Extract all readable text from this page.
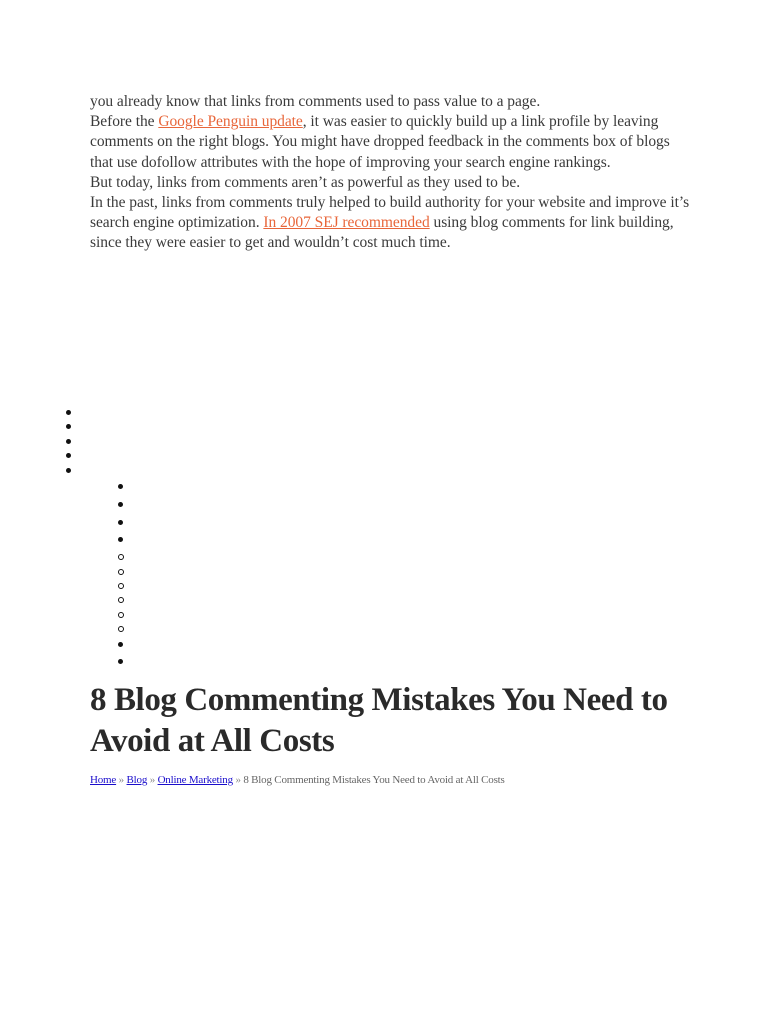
you already know that links from comments used to pass value to a page.

Before the Google Penguin update, it was easier to quickly build up a link profile by leaving comments on the right blogs. You might have dropped feedback in the comments box of blogs that use dofollow attributes with the hope of improving your search engine rankings.

But today, links from comments aren’t as powerful as they used to be.

In the past, links from comments truly helped to build authority for your website and improve it’s search engine optimization. In 2007 SEJ recommended using blog comments for link building, since they were easier to get and wouldn’t cost much time.

8 Blog Commenting Mistakes You Need to Avoid at All Costs
Home » Blog » Online Marketing » 8 Blog Commenting Mistakes You Need to Avoid at All Costs
